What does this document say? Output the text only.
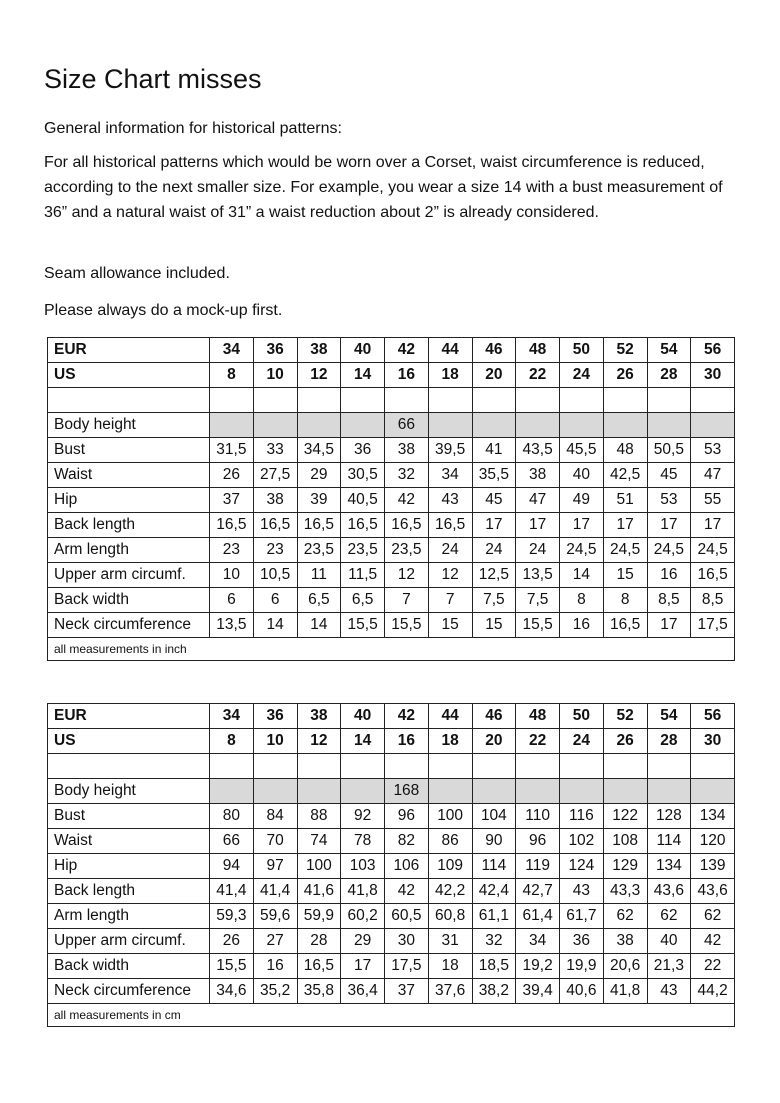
Size Chart misses

General information for historical patterns:

For all historical patterns which would be worn over a Corset, waist circumference is reduced, according to the next smaller size. For example, you wear a size 14 with a bust measurement of 36” and a natural waist of 31” a waist reduction about 2” is already considered.

Seam allowance included.

Please always do a mock-up first.

EUR	34	36	38	40	42	44	46	48	50	52	54	56
US	8	10	12	14	16	18	20	22	24	26	28	30

Body height					66							
Bust	31,5	33	34,5	36	38	39,5	41	43,5	45,5	48	50,5	53
Waist	26	27,5	29	30,5	32	34	35,5	38	40	42,5	45	47
Hip	37	38	39	40,5	42	43	45	47	49	51	53	55
Back length	16,5	16,5	16,5	16,5	16,5	16,5	17	17	17	17	17	17
Arm length	23	23	23,5	23,5	23,5	24	24	24	24,5	24,5	24,5	24,5
Upper arm circumf.	10	10,5	11	11,5	12	12	12,5	13,5	14	15	16	16,5
Back width	6	6	6,5	6,5	7	7	7,5	7,5	8	8	8,5	8,5
Neck circumference	13,5	14	14	15,5	15,5	15	15	15,5	16	16,5	17	17,5
all measurements in inch												
EUR	34	36	38	40	42	44	46	48	50	52	54	56
US	8	10	12	14	16	18	20	22	24	26	28	30

Body height					168							
Bust	80	84	88	92	96	100	104	110	116	122	128	134
Waist	66	70	74	78	82	86	90	96	102	108	114	120
Hip	94	97	100	103	106	109	114	119	124	129	134	139
Back length	41,4	41,4	41,6	41,8	42	42,2	42,4	42,7	43	43,3	43,6	43,6
Arm length	59,3	59,6	59,9	60,2	60,5	60,8	61,1	61,4	61,7	62	62	62
Upper arm circumf.	26	27	28	29	30	31	32	34	36	38	40	42
Back width	15,5	16	16,5	17	17,5	18	18,5	19,2	19,9	20,6	21,3	22
Neck circumference	34,6	35,2	35,8	36,4	37	37,6	38,2	39,4	40,6	41,8	43	44,2
all measurements in cm												
